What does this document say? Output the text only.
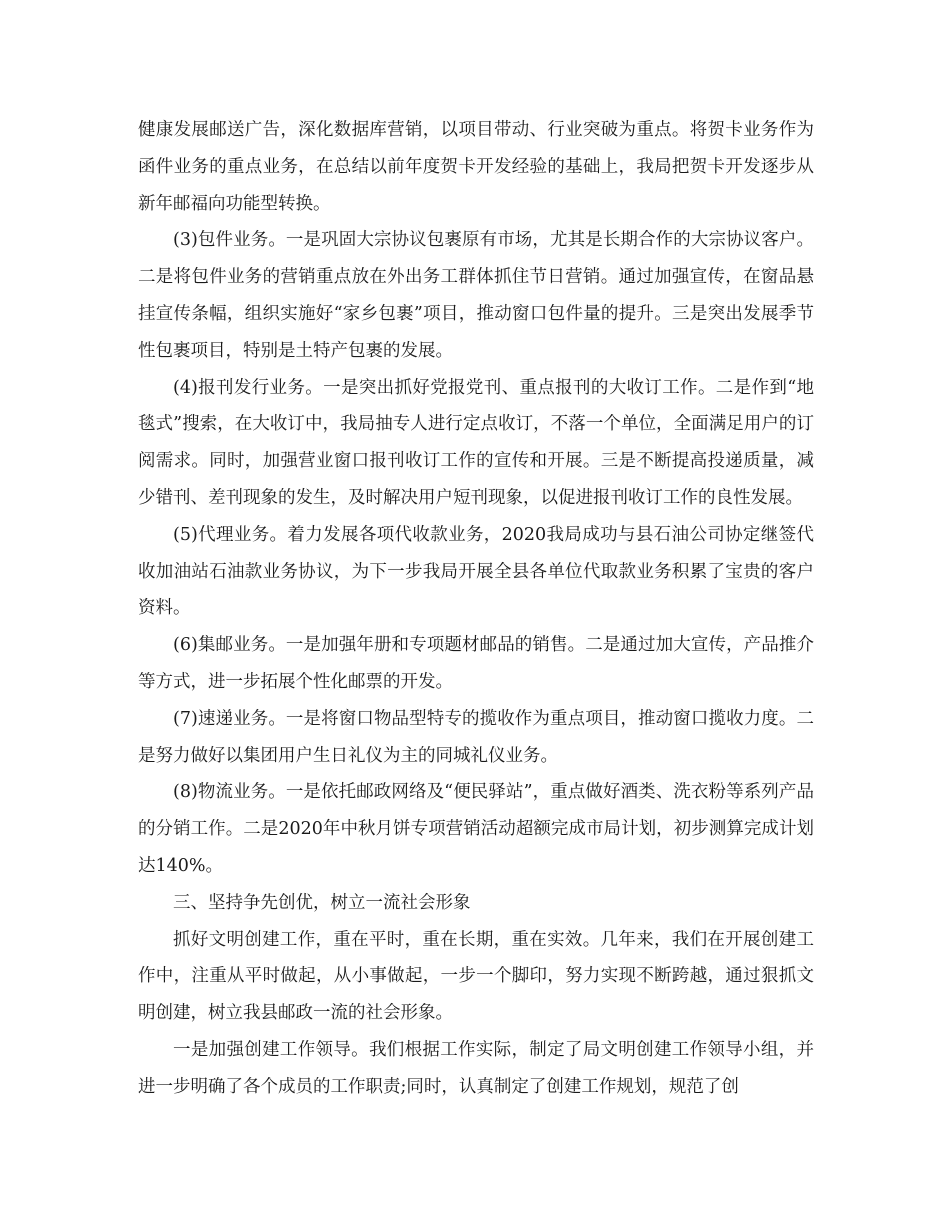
健康发展邮送广告，深化数据库营销，以项目带动、行业突破为重点。将贺卡业务作为函件业务的重点业务，在总结以前年度贺卡开发经验的基础上，我局把贺卡开发逐步从新年邮福向功能型转换。

(3)包件业务。一是巩固大宗协议包裹原有市场，尤其是长期合作的大宗协议客户。二是将包件业务的营销重点放在外出务工群体抓住节日营销。通过加强宣传，在窗品悬挂宣传条幅，组织实施好“家乡包裹”项目，推动窗口包件量的提升。三是突出发展季节性包裹项目，特别是土特产包裹的发展。

(4)报刊发行业务。一是突出抓好党报党刊、重点报刊的大收订工作。二是作到“地毯式”搜索，在大收订中，我局抽专人进行定点收订，不落一个单位，全面满足用户的订阅需求。同时，加强营业窗口报刊收订工作的宣传和开展。三是不断提高投递质量，减少错刊、差刊现象的发生，及时解决用户短刊现象，以促进报刊收订工作的良性发展。

(5)代理业务。着力发展各项代收款业务，2020我局成功与县石油公司协定继签代收加油站石油款业务协议，为下一步我局开展全县各单位代取款业务积累了宝贵的客户资料。

(6)集邮业务。一是加强年册和专项题材邮品的销售。二是通过加大宣传，产品推介等方式，进一步拓展个性化邮票的开发。

(7)速递业务。一是将窗口物品型特专的揽收作为重点项目，推动窗口揽收力度。二是努力做好以集团用户生日礼仪为主的同城礼仪业务。

(8)物流业务。一是依托邮政网络及“便民驿站”，重点做好酒类、洗衣粉等系列产品的分销工作。二是2020年中秋月饼专项营销活动超额完成市局计划，初步测算完成计划达140%。

三、坚持争先创优，树立一流社会形象

抓好文明创建工作，重在平时，重在长期，重在实效。几年来，我们在开展创建工作中，注重从平时做起，从小事做起，一步一个脚印，努力实现不断跨越，通过狠抓文明创建，树立我县邮政一流的社会形象。

一是加强创建工作领导。我们根据工作实际，制定了局文明创建工作领导小组，并进一步明确了各个成员的工作职责;同时，认真制定了创建工作规划，规范了创
